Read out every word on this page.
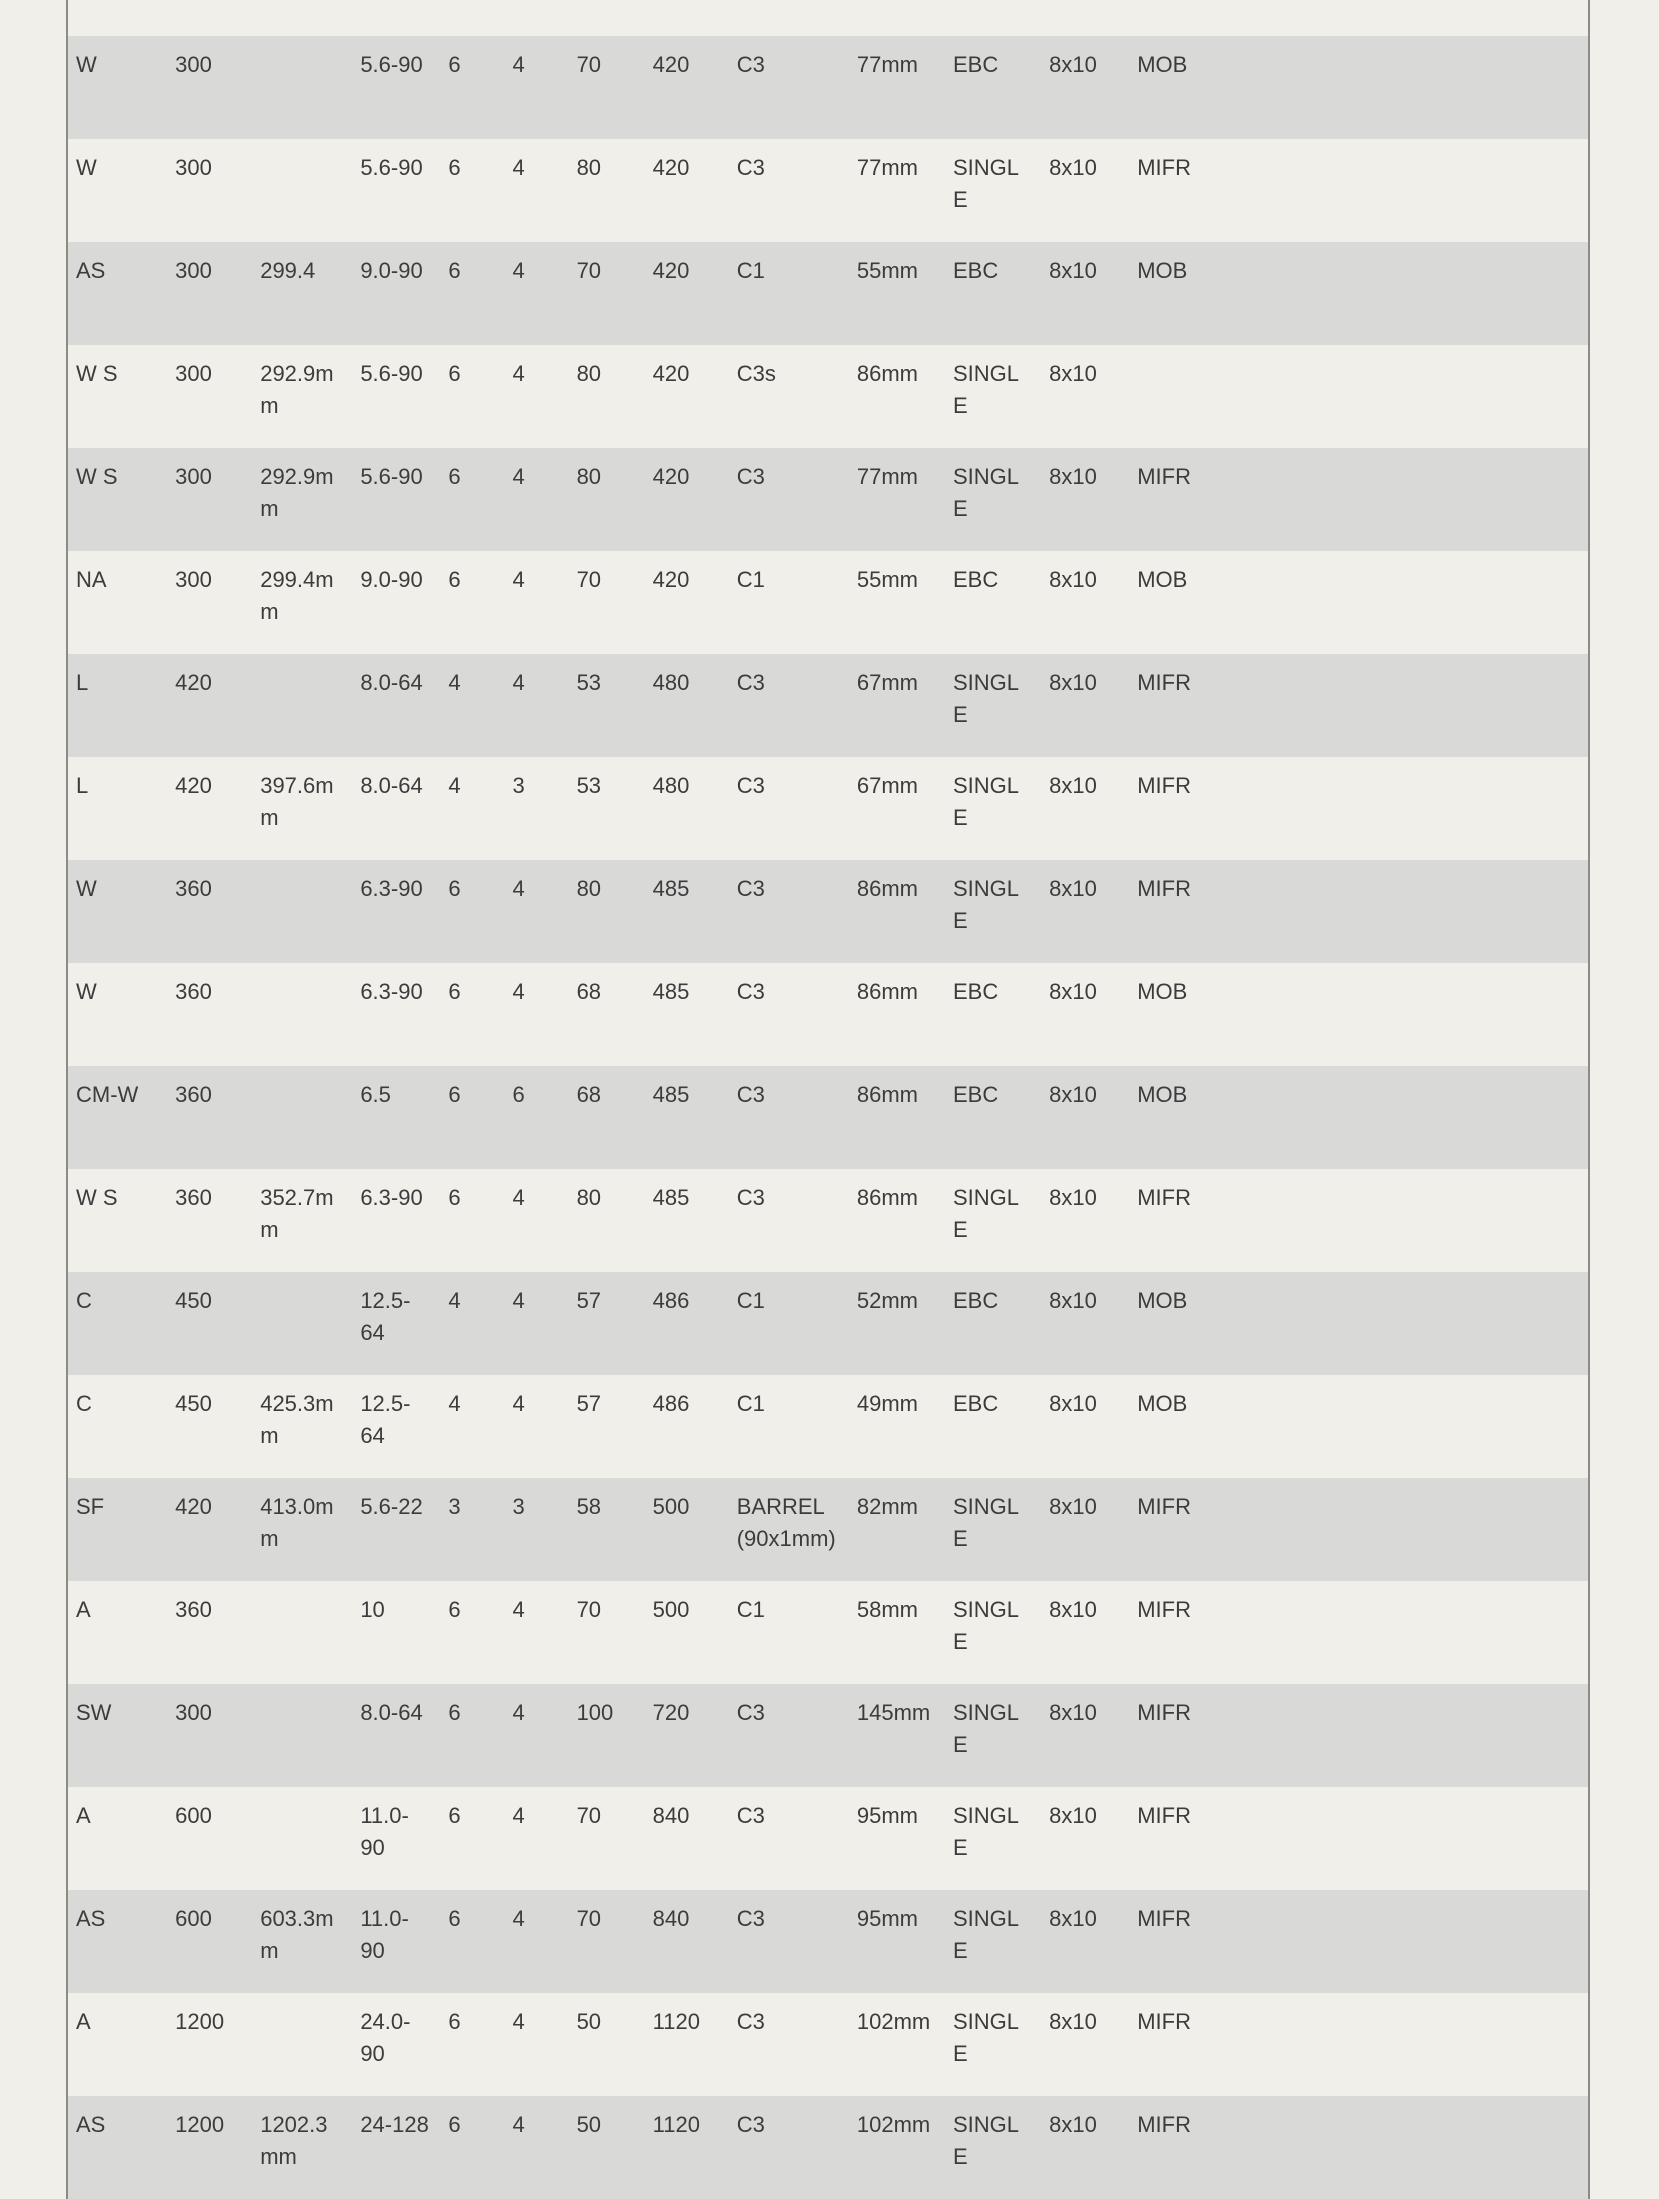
W	300		5.6-90	6	4	70	420	C3	77mm	EBC	8x10	MOB
W	300		5.6-90	6	4	80	420	C3	77mm	SINGLE	8x10	MIFR
AS	300	299.4	9.0-90	6	4	70	420	C1	55mm	EBC	8x10	MOB
W S	300	292.9mm	5.6-90	6	4	80	420	C3s	86mm	SINGLE	8x10	
W S	300	292.9mm	5.6-90	6	4	80	420	C3	77mm	SINGLE	8x10	MIFR
NA	300	299.4mm	9.0-90	6	4	70	420	C1	55mm	EBC	8x10	MOB
L	420		8.0-64	4	4	53	480	C3	67mm	SINGLE	8x10	MIFR
L	420	397.6mm	8.0-64	4	3	53	480	C3	67mm	SINGLE	8x10	MIFR
W	360		6.3-90	6	4	80	485	C3	86mm	SINGLE	8x10	MIFR
W	360		6.3-90	6	4	68	485	C3	86mm	EBC	8x10	MOB
CM-W	360		6.5	6	6	68	485	C3	86mm	EBC	8x10	MOB
W S	360	352.7mm	6.3-90	6	4	80	485	C3	86mm	SINGLE	8x10	MIFR
C	450		12.5-64	4	4	57	486	C1	52mm	EBC	8x10	MOB
C	450	425.3mm	12.5-64	4	4	57	486	C1	49mm	EBC	8x10	MOB
SF	420	413.0mm	5.6-22	3	3	58	500	BARREL (90x1mm)	82mm	SINGLE	8x10	MIFR
A	360		10	6	4	70	500	C1	58mm	SINGLE	8x10	MIFR
SW	300		8.0-64	6	4	100	720	C3	145mm	SINGLE	8x10	MIFR
A	600		11.0-90	6	4	70	840	C3	95mm	SINGLE	8x10	MIFR
AS	600	603.3mm	11.0-90	6	4	70	840	C3	95mm	SINGLE	8x10	MIFR
A	1200		24.0-90	6	4	50	1120	C3	102mm	SINGLE	8x10	MIFR
AS	1200	1202.3mm	24-128	6	4	50	1120	C3	102mm	SINGLE	8x10	MIFR
